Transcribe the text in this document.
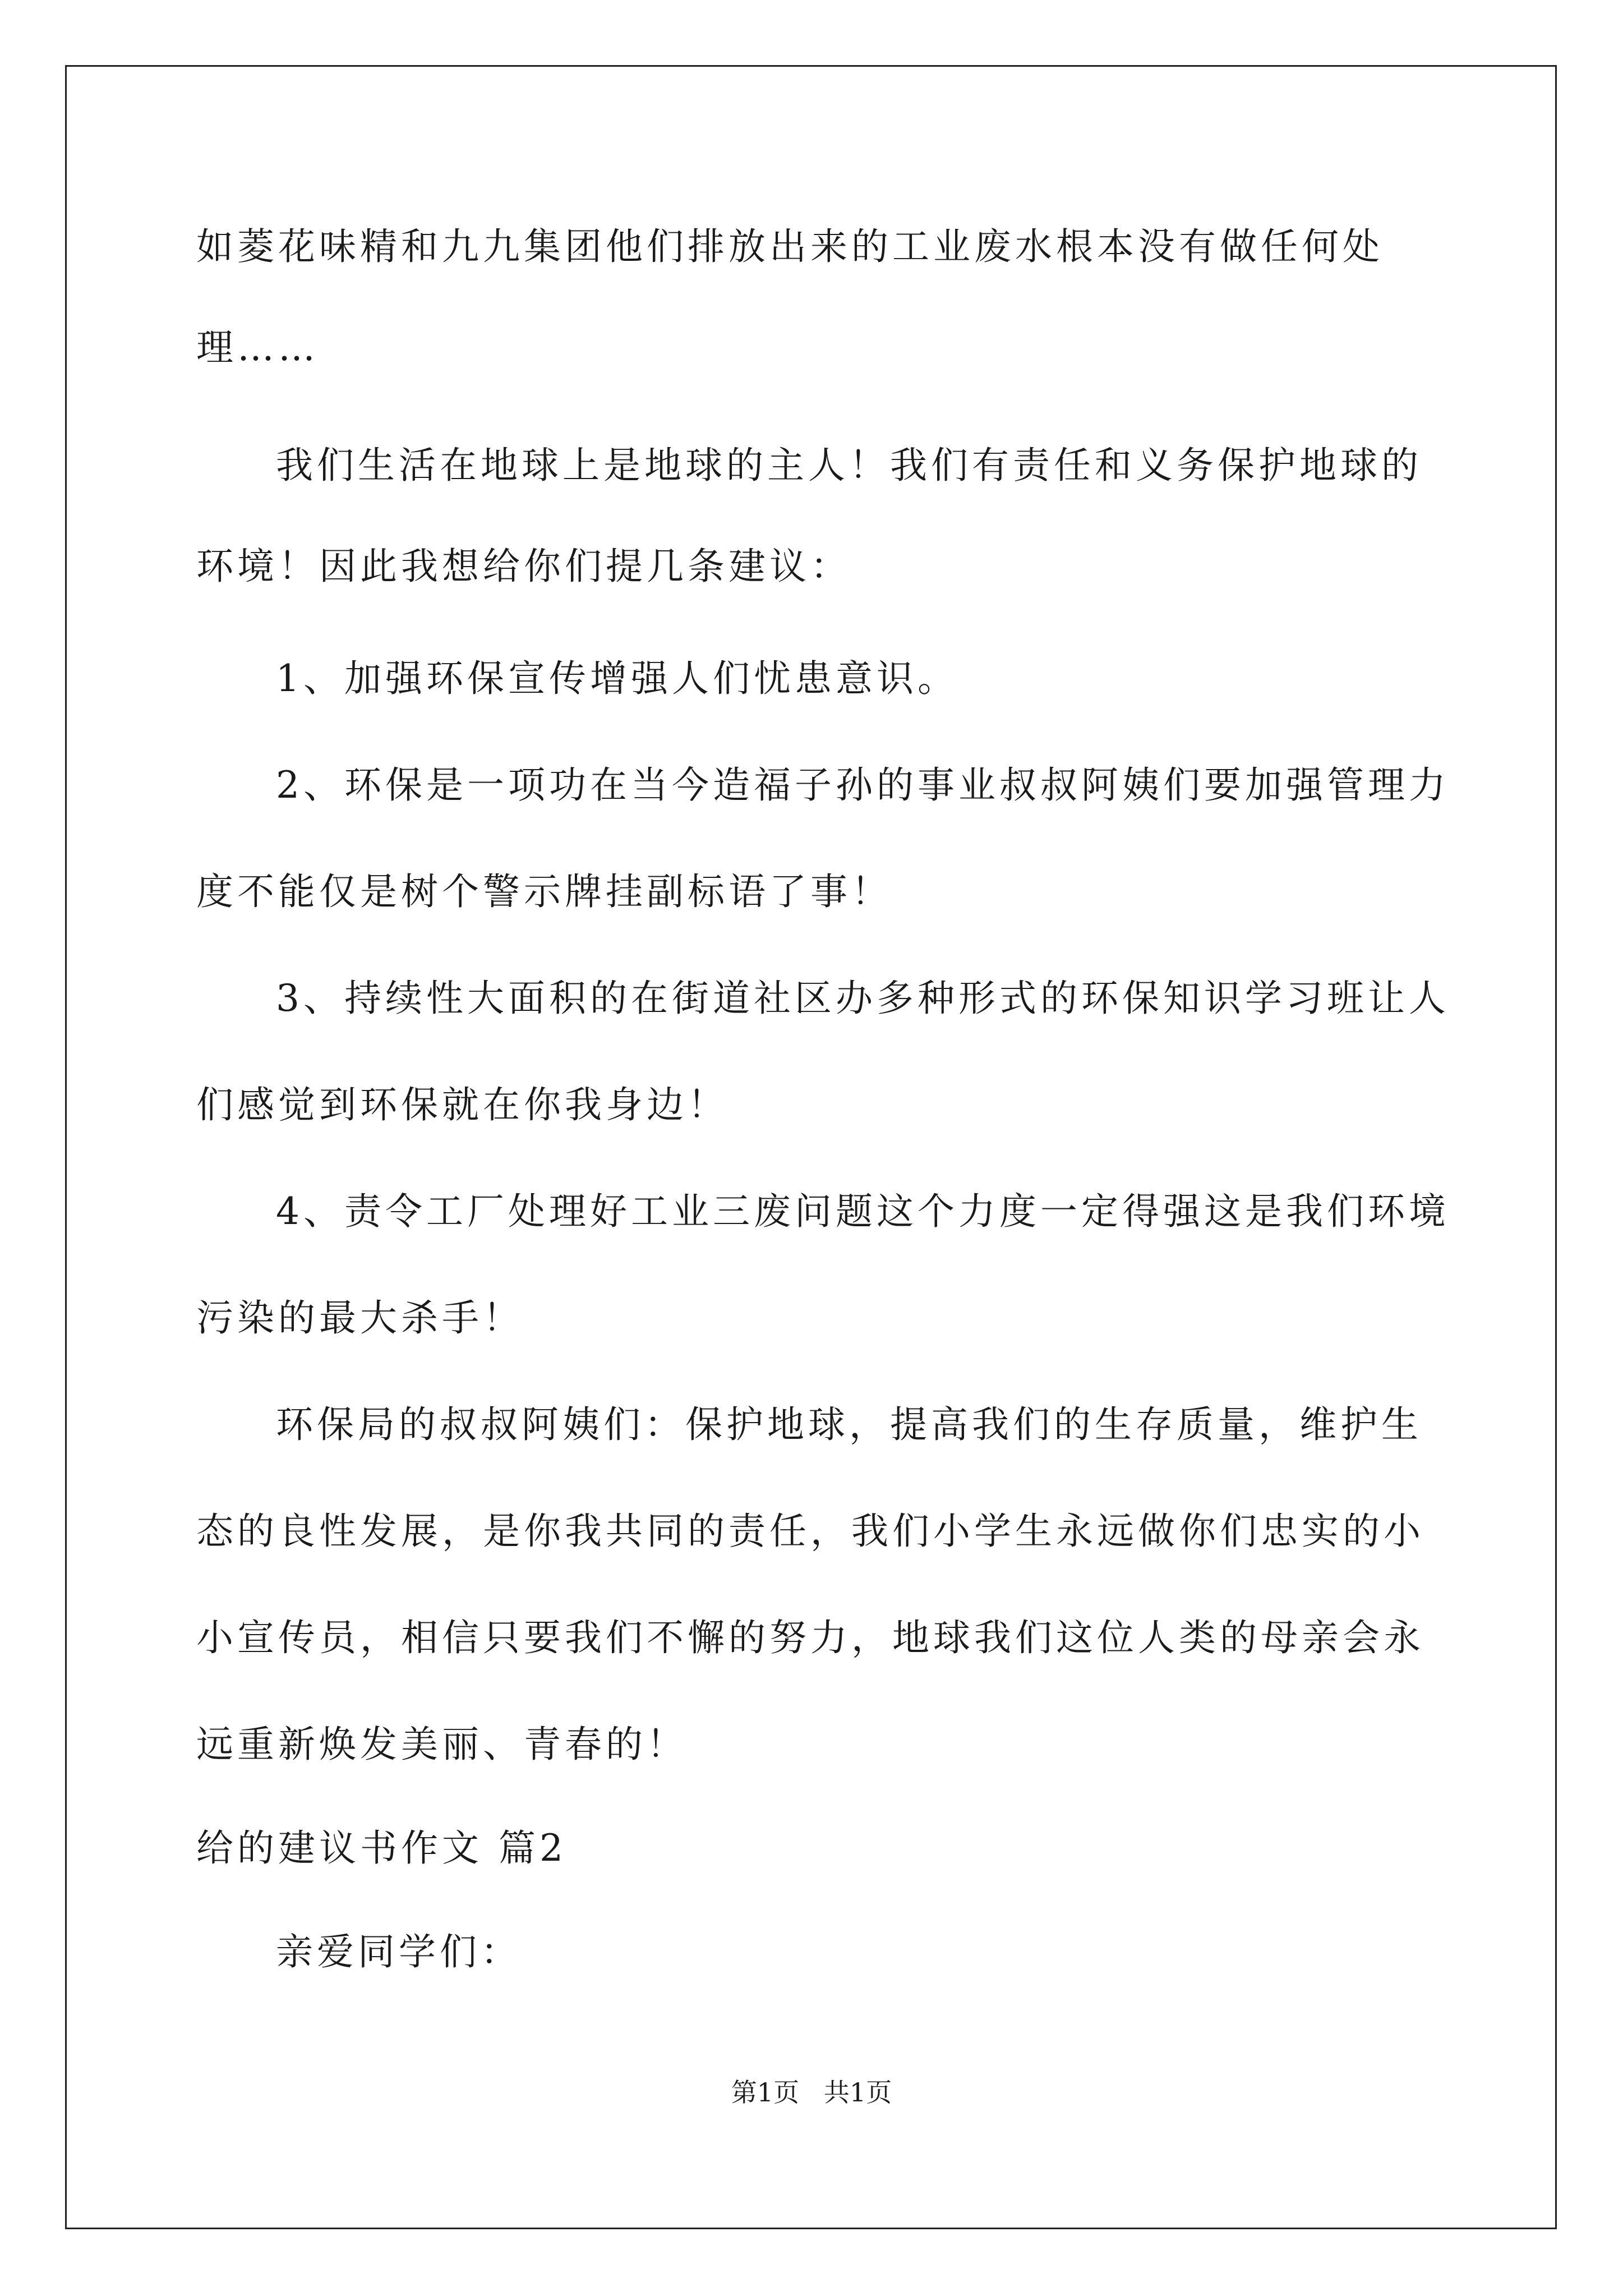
如菱花味精和九九集团他们排放出来的工业废水根本没有做任何处
理……
我们生活在地球上是地球的主人！我们有责任和义务保护地球的
环境！因此我想给你们提几条建议：
1、加强环保宣传增强人们忧患意识。
2、环保是一项功在当今造福子孙的事业叔叔阿姨们要加强管理力
度不能仅是树个警示牌挂副标语了事！
3、持续性大面积的在街道社区办多种形式的环保知识学习班让人
们感觉到环保就在你我身边！
4、责令工厂处理好工业三废问题这个力度一定得强这是我们环境
污染的最大杀手！
环保局的叔叔阿姨们：保护地球，提高我们的生存质量，维护生
态的良性发展，是你我共同的责任，我们小学生永远做你们忠实的小
小宣传员，相信只要我们不懈的努力，地球我们这位人类的母亲会永
远重新焕发美丽、青春的！
给的建议书作文 篇2
亲爱同学们：
第1页   共1页
